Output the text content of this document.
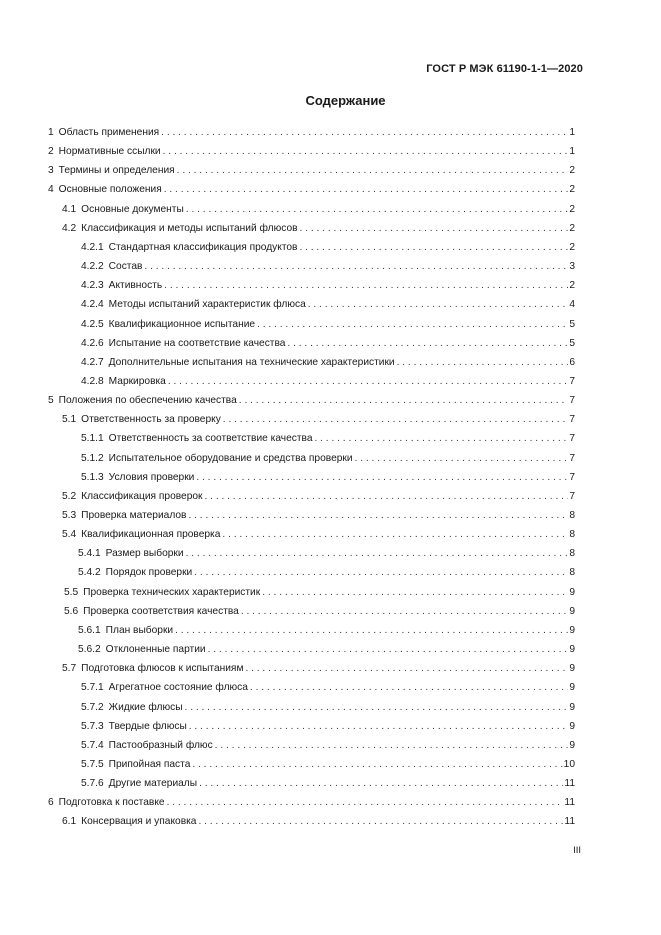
ГОСТ Р МЭК 61190-1-1—2020
Содержание
1 Область применения . . .	1
2 Нормативные ссылки . . .	1
3 Термины и определения . . .	2
4 Основные положения . . .	2
4.1 Основные документы . . .	2
4.2 Классификация и методы испытаний флюсов . . .	2
4.2.1 Стандартная классификация продуктов . . .	2
4.2.2 Состав . . .	3
4.2.3 Активность . . .	2
4.2.4 Методы испытаний характеристик флюса . . .	4
4.2.5 Квалификационное испытание . . .	5
4.2.6 Испытание на соответствие качества . . .	5
4.2.7 Дополнительные испытания на технические характеристики . . .	6
4.2.8 Маркировка . . .	7
5 Положения по обеспечению качества . . .	7
5.1 Ответственность за проверку . . .	7
5.1.1 Ответственность за соответствие качества . . .	7
5.1.2 Испытательное оборудование и средства проверки . . .	7
5.1.3 Условия проверки . . .	7
5.2 Классификация проверок . . .	7
5.3 Проверка материалов . . .	8
5.4 Квалификационная проверка . . .	8
5.4.1 Размер выборки . . .	8
5.4.2 Порядок проверки . . .	8
5.5 Проверка технических характеристик . . .	9
5.6 Проверка соответствия качества . . .	9
5.6.1 План выборки . . .	9
5.6.2 Отклоненные партии . . .	9
5.7 Подготовка флюсов к испытаниям . . .	9
5.7.1 Агрегатное состояние флюса . . .	9
5.7.2 Жидкие флюсы . . .	9
5.7.3 Твердые флюсы . . .	9
5.7.4 Пастообразный флюс . . .	9
5.7.5 Припойная паста . . .	10
5.7.6 Другие материалы . . .	11
6 Подготовка к поставке . . .	11
6.1 Консервация и упаковка . . .	11
III
